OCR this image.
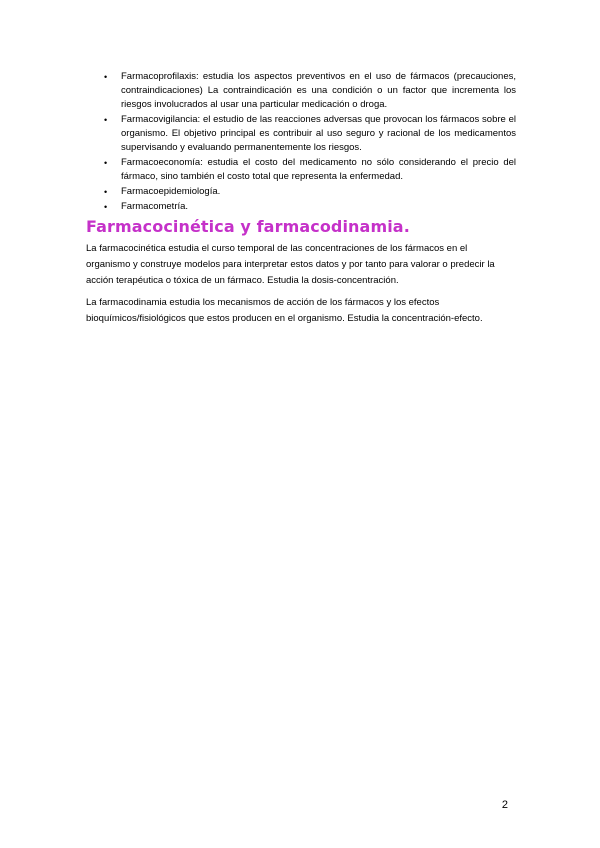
• Farmacoprofilaxis: estudia los aspectos preventivos en el uso de fármacos (precauciones, contraindicaciones) La contraindicación es una condición o un factor que incrementa los riesgos involucrados al usar una particular medicación o droga.
• Farmacovigilancia: el estudio de las reacciones adversas que provocan los fármacos sobre el organismo. El objetivo principal es contribuir al uso seguro y racional de los medicamentos supervisando y evaluando permanentemente los riesgos.
• Farmacoeconomía: estudia el costo del medicamento no sólo considerando el precio del fármaco, sino también el costo total que representa la enfermedad.
• Farmacoepidemiología.
• Farmacometría.
Farmacocinética y farmacodinamia.

La farmacocinética estudia el curso temporal de las concentraciones de los fármacos en el organismo y construye modelos para interpretar estos datos y por tanto para valorar o predecir la acción terapéutica o tóxica de un fármaco. Estudia la dosis-concentración.

La farmacodinamia estudia los mecanismos de acción de los fármacos y los efectos bioquímicos/fisiológicos que estos producen en el organismo. Estudia la concentración-efecto.

2
